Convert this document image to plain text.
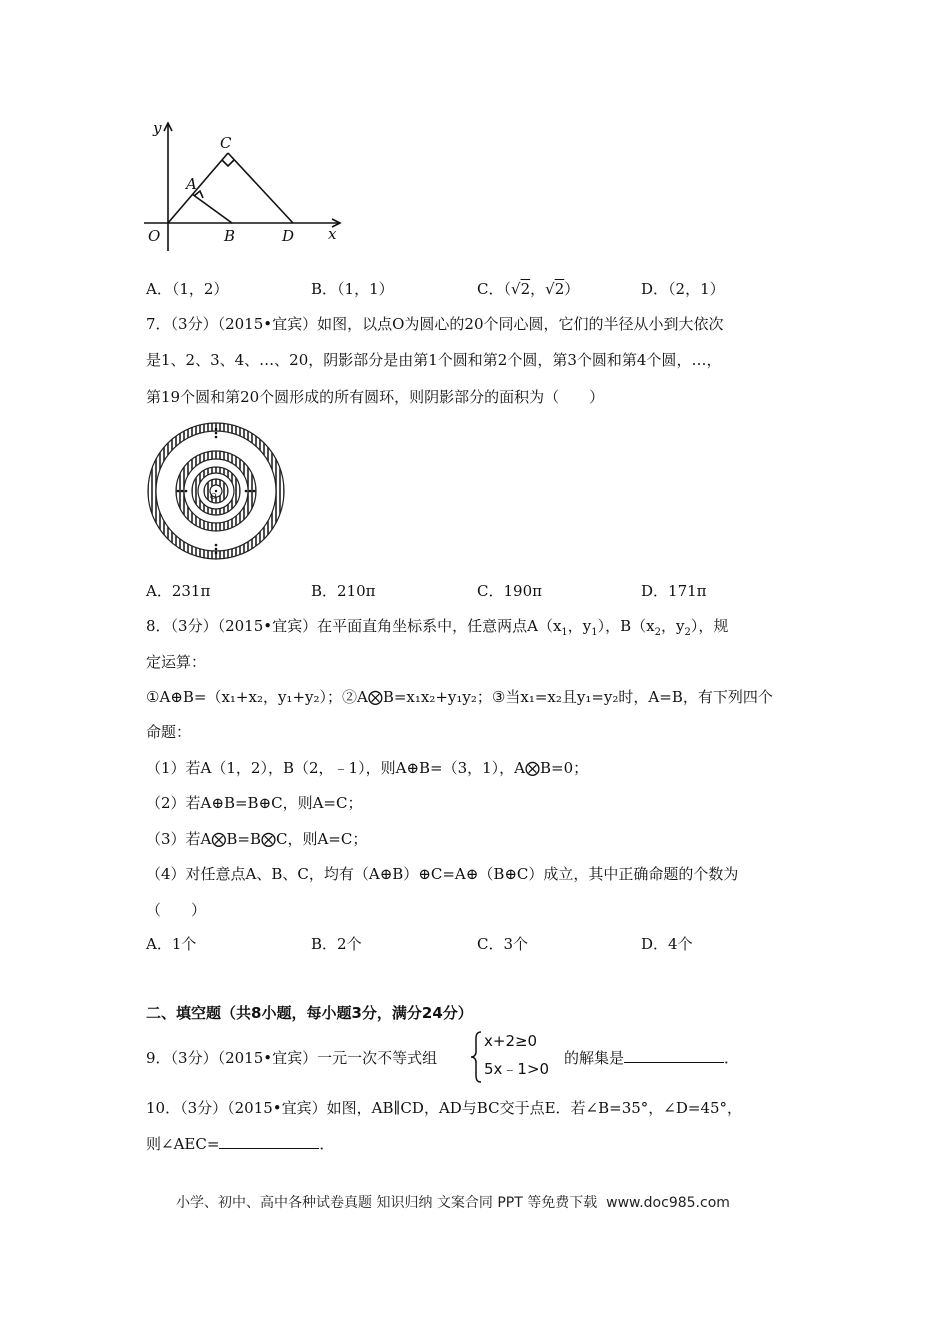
y
x
O
A
B
C
D
A．（1，2）	B．（1，1）	C．（√2，√2）	D．（2，1）
7．（3分）（2015•宜宾）如图，以点O为圆心的20个同心圆，它们的半径从小到大依次
是1、2、3、4、…、20，阴影部分是由第1个圆和第2个圆，第3个圆和第4个圆，…，
第19个圆和第20个圆形成的所有圆环，则阴影部分的面积为（　　）
O
A．231π	B．210π	C．190π	D．171π
8．（3分）（2015•宜宾）在平面直角坐标系中，任意两点$A(x_1$，$y_1$），$B(x_2$，$y_2$），规
定运算：
①A⊕B=（x₁+x₂，y₁+y₂）；②A⨂B=x₁x₂+y₁y₂；③当x₁=x₂且y₁=y₂时，A=B，有下列四个
命题：
（1）若A（1，2），B（2，﹣1），则A⊕B=（3，1），A⨂B=0；
（2）若A⊕B=B⊕C，则A=C；
（3）若A⨂B=B⨂C，则A=C；
（4）对任意点A、B、C，均有（A⊕B）⊕C=A⊕（B⊕C）成立，其中正确命题的个数为
（　　）
A．1个	B．2个	C．3个	D．4个
二、填空题（共8小题，每小题3分，满分24分）
9．（3分）（2015•宜宾）一元一次不等式组
x+2≥0
5x﹣1>0
的解集是	．
10．（3分）（2015•宜宾）如图，AB∥CD，AD与BC交于点E．若∠B=35°，∠D=45°，
则∠AEC=	．
小学、初中、高中各种试卷真题 知识归纳 文案合同 PPT 等免费下载 www.doc985.com
